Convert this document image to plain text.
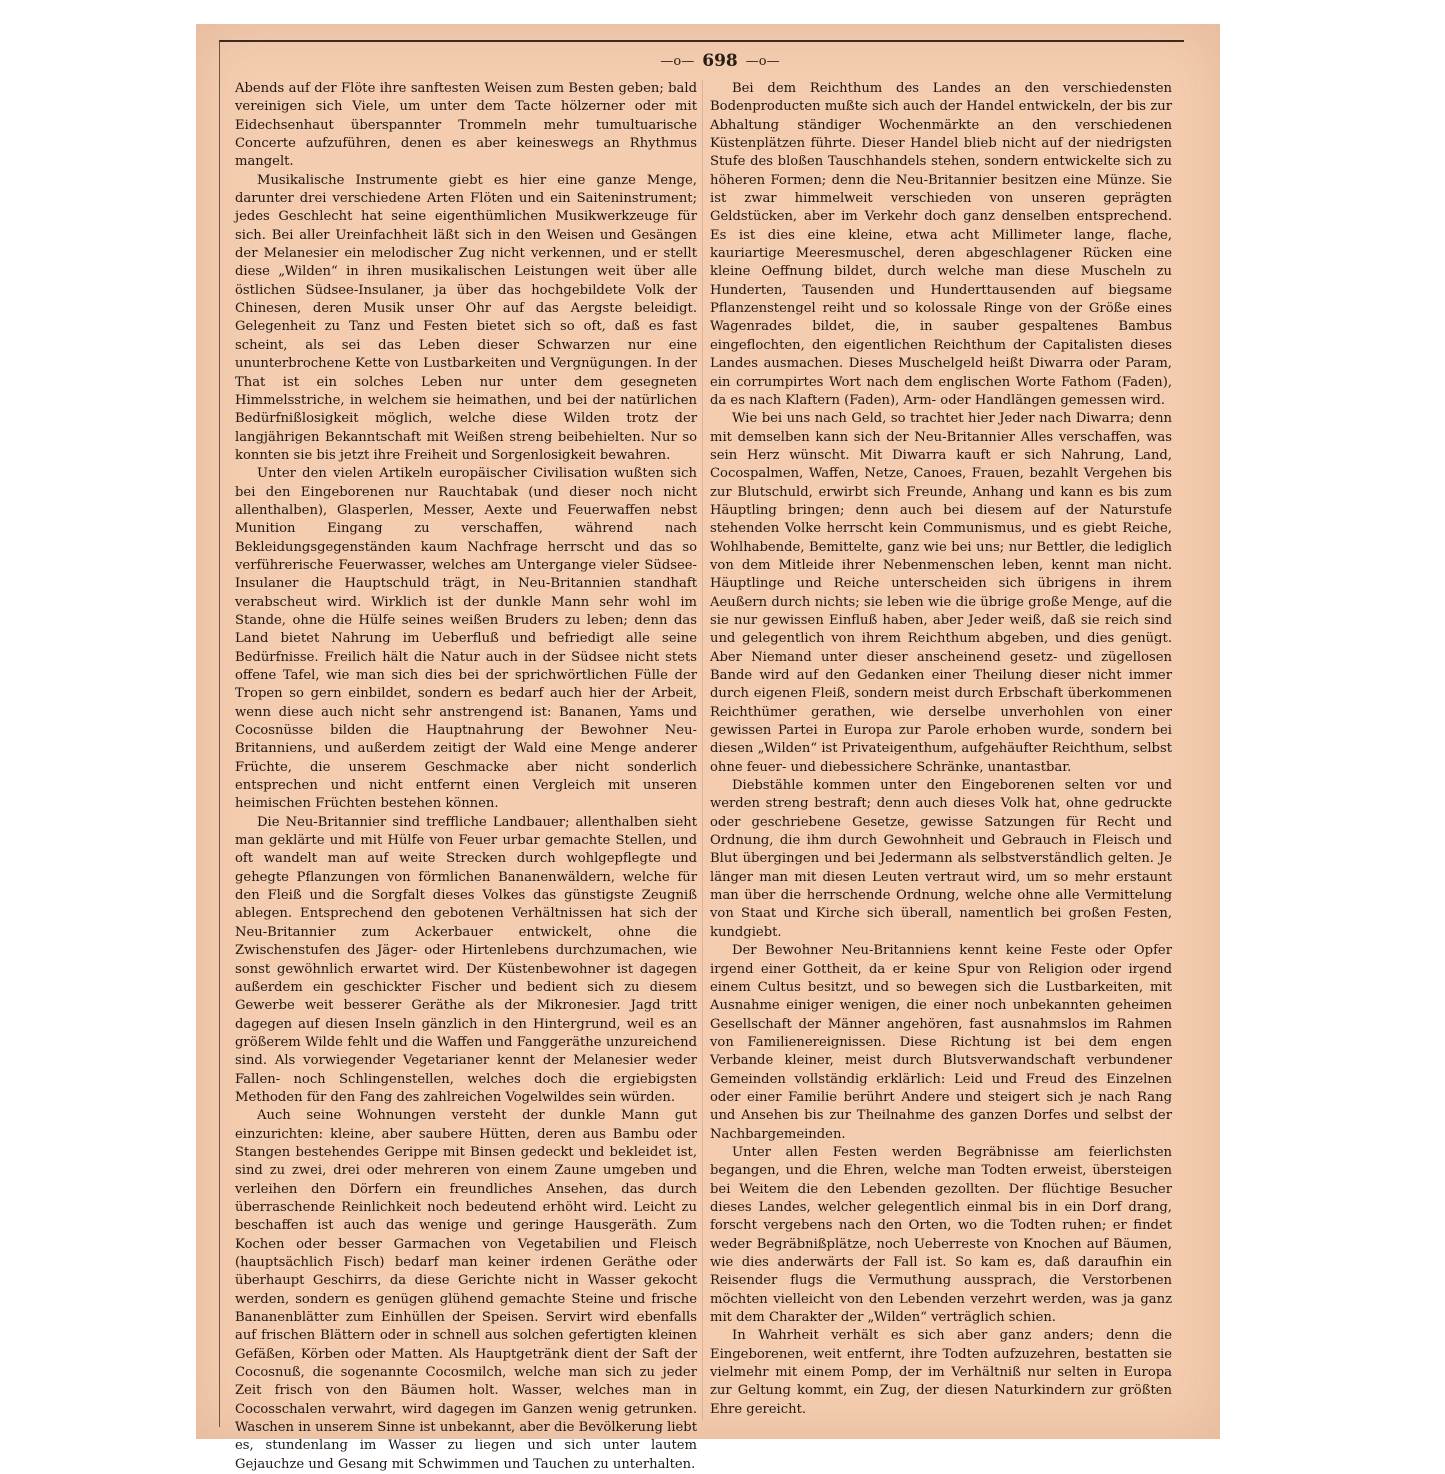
—o— 698 —o—

Abends auf der Flöte ihre sanftesten Weisen zum Besten geben; bald vereinigen sich Viele, um unter dem Tacte hölzerner oder mit Eidechsenhaut überspannter Trommeln mehr tumultuarische Concerte aufzuführen, denen es aber keineswegs an Rhythmus mangelt.

Musikalische Instrumente giebt es hier eine ganze Menge, darunter drei verschiedene Arten Flöten und ein Saiteninstrument; jedes Geschlecht hat seine eigenthümlichen Musikwerkzeuge für sich. Bei aller Ureinfachheit läßt sich in den Weisen und Gesängen der Melanesier ein melodischer Zug nicht verkennen, und er stellt diese „Wilden“ in ihren musikalischen Leistungen weit über alle östlichen Südsee-Insulaner, ja über das hochgebildete Volk der Chinesen, deren Musik unser Ohr auf das Aergste beleidigt. Gelegenheit zu Tanz und Festen bietet sich so oft, daß es fast scheint, als sei das Leben dieser Schwarzen nur eine ununterbrochene Kette von Lustbarkeiten und Vergnügungen. In der That ist ein solches Leben nur unter dem gesegneten Himmelsstriche, in welchem sie heimathen, und bei der natürlichen Bedürfnißlosigkeit möglich, welche diese Wilden trotz der langjährigen Bekanntschaft mit Weißen streng beibehielten. Nur so konnten sie bis jetzt ihre Freiheit und Sorgenlosigkeit bewahren.

Unter den vielen Artikeln europäischer Civilisation wußten sich bei den Eingeborenen nur Rauchtabak (und dieser noch nicht allenthalben), Glasperlen, Messer, Aexte und Feuerwaffen nebst Munition Eingang zu verschaffen, während nach Bekleidungsgegenständen kaum Nachfrage herrscht und das so verführerische Feuerwasser, welches am Untergange vieler Südsee-Insulaner die Hauptschuld trägt, in Neu-Britannien standhaft verabscheut wird. Wirklich ist der dunkle Mann sehr wohl im Stande, ohne die Hülfe seines weißen Bruders zu leben; denn das Land bietet Nahrung im Ueberfluß und befriedigt alle seine Bedürfnisse. Freilich hält die Natur auch in der Südsee nicht stets offene Tafel, wie man sich dies bei der sprichwörtlichen Fülle der Tropen so gern einbildet, sondern es bedarf auch hier der Arbeit, wenn diese auch nicht sehr anstrengend ist: Bananen, Yams und Cocosnüsse bilden die Hauptnahrung der Bewohner Neu-Britanniens, und außerdem zeitigt der Wald eine Menge anderer Früchte, die unserem Geschmacke aber nicht sonderlich entsprechen und nicht entfernt einen Vergleich mit unseren heimischen Früchten bestehen können.

Die Neu-Britannier sind treffliche Landbauer; allenthalben sieht man geklärte und mit Hülfe von Feuer urbar gemachte Stellen, und oft wandelt man auf weite Strecken durch wohlgepflegte und gehegte Pflanzungen von förmlichen Bananenwäldern, welche für den Fleiß und die Sorgfalt dieses Volkes das günstigste Zeugniß ablegen. Entsprechend den gebotenen Verhältnissen hat sich der Neu-Britannier zum Ackerbauer entwickelt, ohne die Zwischenstufen des Jäger- oder Hirtenlebens durchzumachen, wie sonst gewöhnlich erwartet wird. Der Küstenbewohner ist dagegen außerdem ein geschickter Fischer und bedient sich zu diesem Gewerbe weit besserer Geräthe als der Mikronesier. Jagd tritt dagegen auf diesen Inseln gänzlich in den Hintergrund, weil es an größerem Wilde fehlt und die Waffen und Fanggeräthe unzureichend sind. Als vorwiegender Vegetarianer kennt der Melanesier weder Fallen- noch Schlingenstellen, welches doch die ergiebigsten Methoden für den Fang des zahlreichen Vogelwildes sein würden.

Auch seine Wohnungen versteht der dunkle Mann gut einzurichten: kleine, aber saubere Hütten, deren aus Bambu oder Stangen bestehendes Gerippe mit Binsen gedeckt und bekleidet ist, sind zu zwei, drei oder mehreren von einem Zaune umgeben und verleihen den Dörfern ein freundliches Ansehen, das durch überraschende Reinlichkeit noch bedeutend erhöht wird. Leicht zu beschaffen ist auch das wenige und geringe Hausgeräth. Zum Kochen oder besser Garmachen von Vegetabilien und Fleisch (hauptsächlich Fisch) bedarf man keiner irdenen Geräthe oder überhaupt Geschirrs, da diese Gerichte nicht in Wasser gekocht werden, sondern es genügen glühend gemachte Steine und frische Bananenblätter zum Einhüllen der Speisen. Servirt wird ebenfalls auf frischen Blättern oder in schnell aus solchen gefertigten kleinen Gefäßen, Körben oder Matten. Als Hauptgetränk dient der Saft der Cocosnuß, die sogenannte Cocosmilch, welche man sich zu jeder Zeit frisch von den Bäumen holt. Wasser, welches man in Cocosschalen verwahrt, wird dagegen im Ganzen wenig getrunken. Waschen in unserem Sinne ist unbekannt, aber die Bevölkerung liebt es, stundenlang im Wasser zu liegen und sich unter lautem Gejauchze und Gesang mit Schwimmen und Tauchen zu unterhalten.

Bei dem Reichthum des Landes an den verschiedensten Bodenproducten mußte sich auch der Handel entwickeln, der bis zur Abhaltung ständiger Wochenmärkte an den verschiedenen Küstenplätzen führte. Dieser Handel blieb nicht auf der niedrigsten Stufe des bloßen Tauschhandels stehen, sondern entwickelte sich zu höheren Formen; denn die Neu-Britannier besitzen eine Münze. Sie ist zwar himmelweit verschieden von unseren geprägten Geldstücken, aber im Verkehr doch ganz denselben entsprechend. Es ist dies eine kleine, etwa acht Millimeter lange, flache, kauriartige Meeresmuschel, deren abgeschlagener Rücken eine kleine Oeffnung bildet, durch welche man diese Muscheln zu Hunderten, Tausenden und Hunderttausenden auf biegsame Pflanzenstengel reiht und so kolossale Ringe von der Größe eines Wagenrades bildet, die, in sauber gespaltenes Bambus eingeflochten, den eigentlichen Reichthum der Capitalisten dieses Landes ausmachen. Dieses Muschelgeld heißt Diwarra oder Param, ein corrumpirtes Wort nach dem englischen Worte Fathom (Faden), da es nach Klaftern (Faden), Arm- oder Handlängen gemessen wird.

Wie bei uns nach Geld, so trachtet hier Jeder nach Diwarra; denn mit demselben kann sich der Neu-Britannier Alles verschaffen, was sein Herz wünscht. Mit Diwarra kauft er sich Nahrung, Land, Cocospalmen, Waffen, Netze, Canoes, Frauen, bezahlt Vergehen bis zur Blutschuld, erwirbt sich Freunde, Anhang und kann es bis zum Häuptling bringen; denn auch bei diesem auf der Naturstufe stehenden Volke herrscht kein Communismus, und es giebt Reiche, Wohlhabende, Bemittelte, ganz wie bei uns; nur Bettler, die lediglich von dem Mitleide ihrer Nebenmenschen leben, kennt man nicht. Häuptlinge und Reiche unterscheiden sich übrigens in ihrem Aeußern durch nichts; sie leben wie die übrige große Menge, auf die sie nur gewissen Einfluß haben, aber Jeder weiß, daß sie reich sind und gelegentlich von ihrem Reichthum abgeben, und dies genügt. Aber Niemand unter dieser anscheinend gesetz- und zügellosen Bande wird auf den Gedanken einer Theilung dieser nicht immer durch eigenen Fleiß, sondern meist durch Erbschaft überkommenen Reichthümer gerathen, wie derselbe unverhohlen von einer gewissen Partei in Europa zur Parole erhoben wurde, sondern bei diesen „Wilden“ ist Privateigenthum, aufgehäufter Reichthum, selbst ohne feuer- und diebessichere Schränke, unantastbar.

Diebstähle kommen unter den Eingeborenen selten vor und werden streng bestraft; denn auch dieses Volk hat, ohne gedruckte oder geschriebene Gesetze, gewisse Satzungen für Recht und Ordnung, die ihm durch Gewohnheit und Gebrauch in Fleisch und Blut übergingen und bei Jedermann als selbstverständlich gelten. Je länger man mit diesen Leuten vertraut wird, um so mehr erstaunt man über die herrschende Ordnung, welche ohne alle Vermittelung von Staat und Kirche sich überall, namentlich bei großen Festen, kundgiebt.

Der Bewohner Neu-Britanniens kennt keine Feste oder Opfer irgend einer Gottheit, da er keine Spur von Religion oder irgend einem Cultus besitzt, und so bewegen sich die Lustbarkeiten, mit Ausnahme einiger wenigen, die einer noch unbekannten geheimen Gesellschaft der Männer angehören, fast ausnahmslos im Rahmen von Familienereignissen. Diese Richtung ist bei dem engen Verbande kleiner, meist durch Blutsverwandschaft verbundener Gemeinden vollständig erklärlich: Leid und Freud des Einzelnen oder einer Familie berührt Andere und steigert sich je nach Rang und Ansehen bis zur Theilnahme des ganzen Dorfes und selbst der Nachbargemeinden.

Unter allen Festen werden Begräbnisse am feierlichsten begangen, und die Ehren, welche man Todten erweist, übersteigen bei Weitem die den Lebenden gezollten. Der flüchtige Besucher dieses Landes, welcher gelegentlich einmal bis in ein Dorf drang, forscht vergebens nach den Orten, wo die Todten ruhen; er findet weder Begräbnißplätze, noch Ueberreste von Knochen auf Bäumen, wie dies anderwärts der Fall ist. So kam es, daß daraufhin ein Reisender flugs die Vermuthung aussprach, die Verstorbenen möchten vielleicht von den Lebenden verzehrt werden, was ja ganz mit dem Charakter der „Wilden“ verträglich schien.

In Wahrheit verhält es sich aber ganz anders; denn die Eingeborenen, weit entfernt, ihre Todten aufzuzehren, bestatten sie vielmehr mit einem Pomp, der im Verhältniß nur selten in Europa zur Geltung kommt, ein Zug, der diesen Naturkindern zur größten Ehre gereicht.
